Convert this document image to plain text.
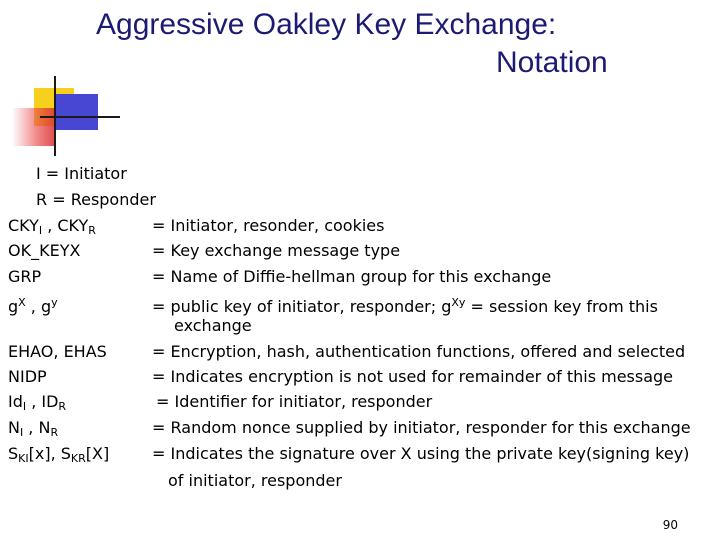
Aggressive Oakley Key Exchange:
Notation
I = Initiator
R = Responder
$CKY_I$ , $CKY_R$	= Initiator, resonder, cookies
OK_KEYX	= Key exchange message type
GRP	= Name of Diffie-hellman group for this exchange
$g^X$ , $g^y$	= public key of initiator, responder; $g^{Xy}$ = session key from this
exchange
EHAO, EHAS	= Encryption, hash, authentication functions, offered and selected
NIDP	= Indicates encryption is not used for remainder of this message
$Id_I$ , $ID_R$	= Identifier for initiator, responder
$N_I$ , $N_R$	= Random nonce supplied by initiator, responder for this exchange
$S_{KI}[x]$, $S_{KR}[X]$	= Indicates the signature over X using the private key(signing key)
of initiator, responder
90
